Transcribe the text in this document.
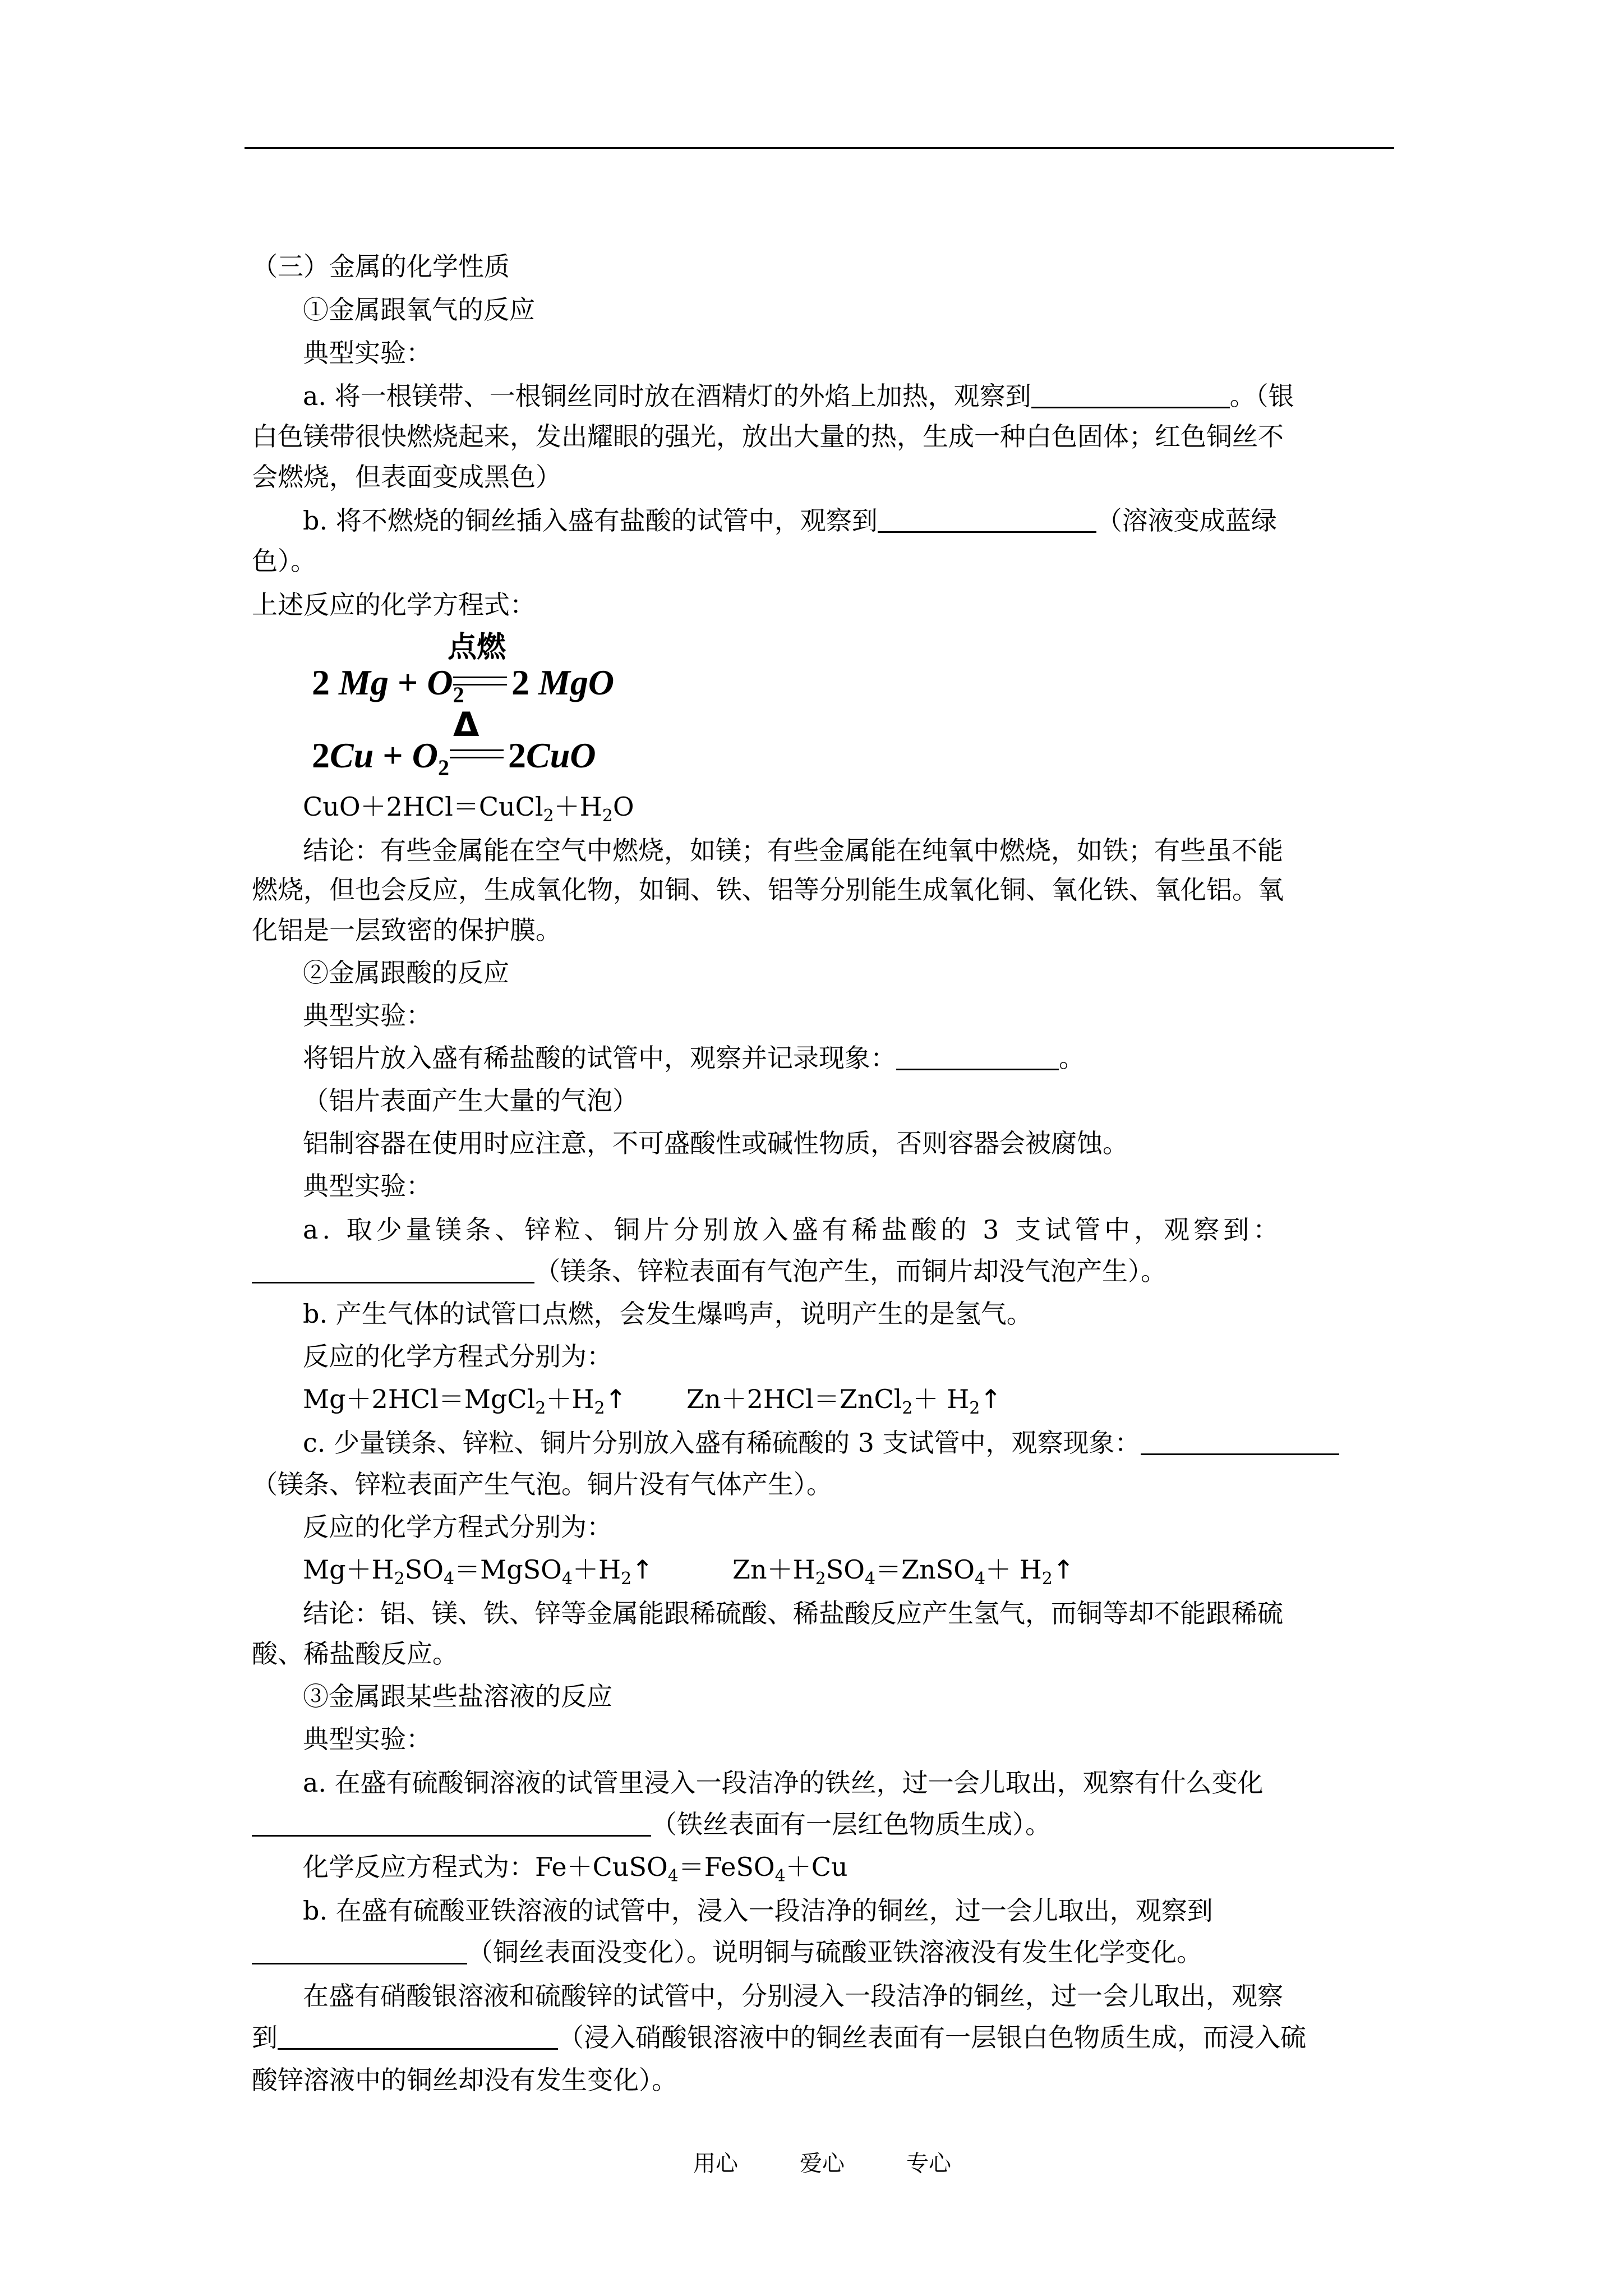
（三）金属的化学性质
①金属跟氧气的反应
典型实验：
a. 将一根镁带、一根铜丝同时放在酒精灯的外焰上加热，观察到	。（银
白色镁带很快燃烧起来，发出耀眼的强光，放出大量的热，生成一种白色固体；红色铜丝不
会燃烧，但表面变成黑色）
b. 将不燃烧的铜丝插入盛有盐酸的试管中，观察到	（溶液变成蓝绿
色）。
上述反应的化学方程式：
2 $Mg + O_2$
点燃
2 MgO
$2Cu + O_2$
Δ
2CuO
$CuO+2HCl=CuCl_2+H_2O$
结论：有些金属能在空气中燃烧，如镁；有些金属能在纯氧中燃烧，如铁；有些虽不能
燃烧，但也会反应，生成氧化物，如铜、铁、铝等分别能生成氧化铜、氧化铁、氧化铝。氧
化铝是一层致密的保护膜。
②金属跟酸的反应
典型实验：
将铝片放入盛有稀盐酸的试管中，观察并记录现象：	。
（铝片表面产生大量的气泡）
铝制容器在使用时应注意，不可盛酸性或碱性物质，否则容器会被腐蚀。
典型实验：
a. 取少量镁条、锌粒、铜片分别放入盛有稀盐酸的 3 支试管中，观察到：
（镁条、锌粒表面有气泡产生，而铜片却没气泡产生）。
b. 产生气体的试管口点燃，会发生爆鸣声，说明产生的是氢气。
反应的化学方程式分别为：
$Mg+2HCl=MgCl_2+H_2↑$ Zn＋2HCl＝ZnCl$_2$＋ $H_2↑$
c. 少量镁条、锌粒、铜片分别放入盛有稀硫酸的 3 支试管中，观察现象：
（镁条、锌粒表面产生气泡。铜片没有气体产生）。
反应的化学方程式分别为：
$Mg+H_2SO_4=MgSO_4+H_2↑$	$Zn+H_2SO_4=ZnSO_4+$ $H_2↑$
结论：铝、镁、铁、锌等金属能跟稀硫酸、稀盐酸反应产生氢气，而铜等却不能跟稀硫
酸、稀盐酸反应。
③金属跟某些盐溶液的反应
典型实验：
a. 在盛有硫酸铜溶液的试管里浸入一段洁净的铁丝，过一会儿取出，观察有什么变化
（铁丝表面有一层红色物质生成）。
化学反应方程式为：Fe＋CuSO$_4$＝FeSO$_4$＋Cu
b. 在盛有硫酸亚铁溶液的试管中，浸入一段洁净的铜丝，过一会儿取出，观察到
（铜丝表面没变化）。说明铜与硫酸亚铁溶液没有发生化学变化。
在盛有硝酸银溶液和硫酸锌的试管中，分别浸入一段洁净的铜丝，过一会儿取出，观察
到	（浸入硝酸银溶液中的铜丝表面有一层银白色物质生成，而浸入硫
酸锌溶液中的铜丝却没有发生变化）。
用心	爱心	专心
